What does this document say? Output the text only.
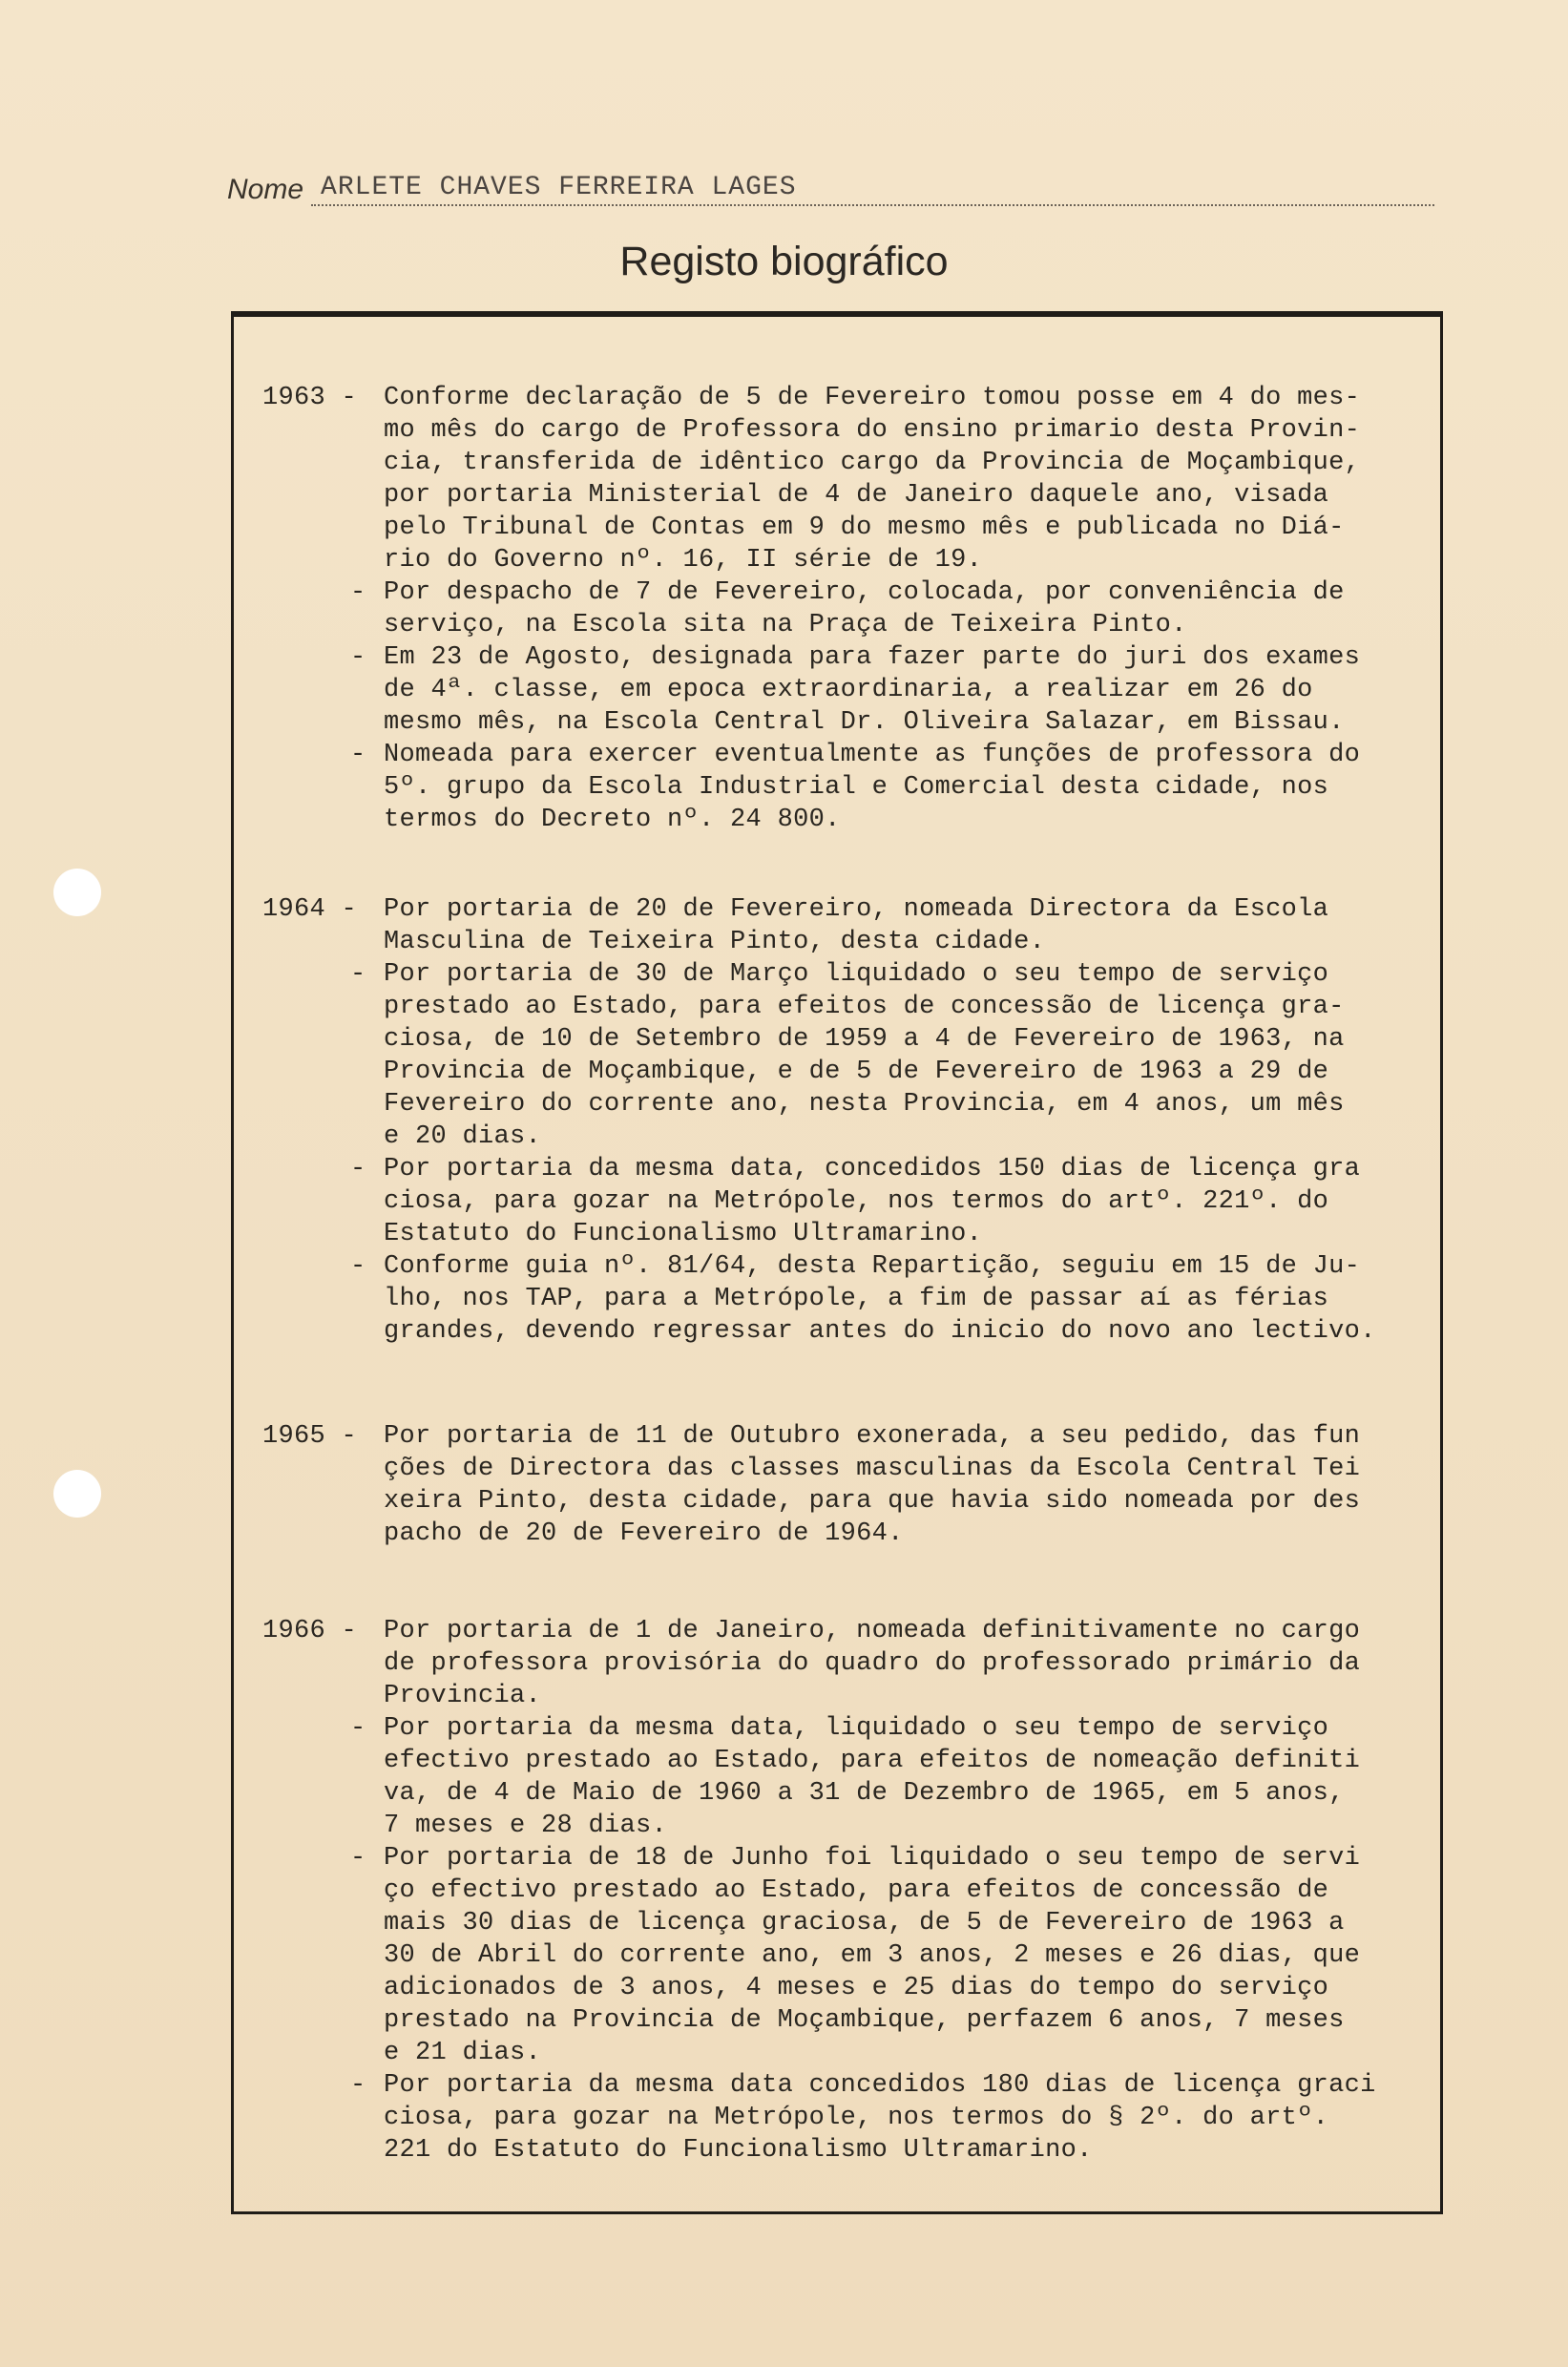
Nome ARLETE CHAVES FERREIRA LAGES
Registo biográfico
1963 - Conforme declaração de 5 de Fevereiro tomou posse em 4 do mes-
mo mês do cargo de Professora do ensino primario desta Provin-
cia, transferida de idêntico cargo da Provincia de Moçambique,
por portaria Ministerial de 4 de Janeiro daquele ano, visada
pelo Tribunal de Contas em 9 do mesmo mês e publicada no Diá-
rio do Governo nº. 16, II série de 19.
- Por despacho de 7 de Fevereiro, colocada, por conveniência de
serviço, na Escola sita na Praça de Teixeira Pinto.
- Em 23 de Agosto, designada para fazer parte do juri dos exames
de 4ª. classe, em epoca extraordinaria, a realizar em 26 do
mesmo mês, na Escola Central Dr. Oliveira Salazar, em Bissau.
- Nomeada para exercer eventualmente as funções de professora do
5º. grupo da Escola Industrial e Comercial desta cidade, nos
termos do Decreto nº. 24 800.
1964 - Por portaria de 20 de Fevereiro, nomeada Directora da Escola
Masculina de Teixeira Pinto, desta cidade.
- Por portaria de 30 de Março liquidado o seu tempo de serviço
prestado ao Estado, para efeitos de concessão de licença gra-
ciosa, de 10 de Setembro de 1959 a 4 de Fevereiro de 1963, na
Provincia de Moçambique, e de 5 de Fevereiro de 1963 a 29 de
Fevereiro do corrente ano, nesta Provincia, em 4 anos, um mês
e 20 dias.
- Por portaria da mesma data, concedidos 150 dias de licença gra
ciosa, para gozar na Metrópole, nos termos do artº. 221º. do
Estatuto do Funcionalismo Ultramarino.
- Conforme guia nº. 81/64, desta Repartição, seguiu em 15 de Ju-
lho, nos TAP, para a Metrópole, a fim de passar aí as férias
grandes, devendo regressar antes do inicio do novo ano lectivo.
1965 - Por portaria de 11 de Outubro exonerada, a seu pedido, das fun
ções de Directora das classes masculinas da Escola Central Tei
xeira Pinto, desta cidade, para que havia sido nomeada por des
pacho de 20 de Fevereiro de 1964.
1966 - Por portaria de 1 de Janeiro, nomeada definitivamente no cargo
de professora provisória do quadro do professorado primário da
Provincia.
- Por portaria da mesma data, liquidado o seu tempo de serviço
efectivo prestado ao Estado, para efeitos de nomeação definiti
va, de 4 de Maio de 1960 a 31 de Dezembro de 1965, em 5 anos,
7 meses e 28 dias.
- Por portaria de 18 de Junho foi liquidado o seu tempo de servi
ço efectivo prestado ao Estado, para efeitos de concessão de
mais 30 dias de licença graciosa, de 5 de Fevereiro de 1963 a
30 de Abril do corrente ano, em 3 anos, 2 meses e 26 dias, que
adicionados de 3 anos, 4 meses e 25 dias do tempo do serviço
prestado na Provincia de Moçambique, perfazem 6 anos, 7 meses
e 21 dias.
- Por portaria da mesma data concedidos 180 dias de licença graci
ciosa, para gozar na Metrópole, nos termos do § 2º. do artº.
221 do Estatuto do Funcionalismo Ultramarino.
